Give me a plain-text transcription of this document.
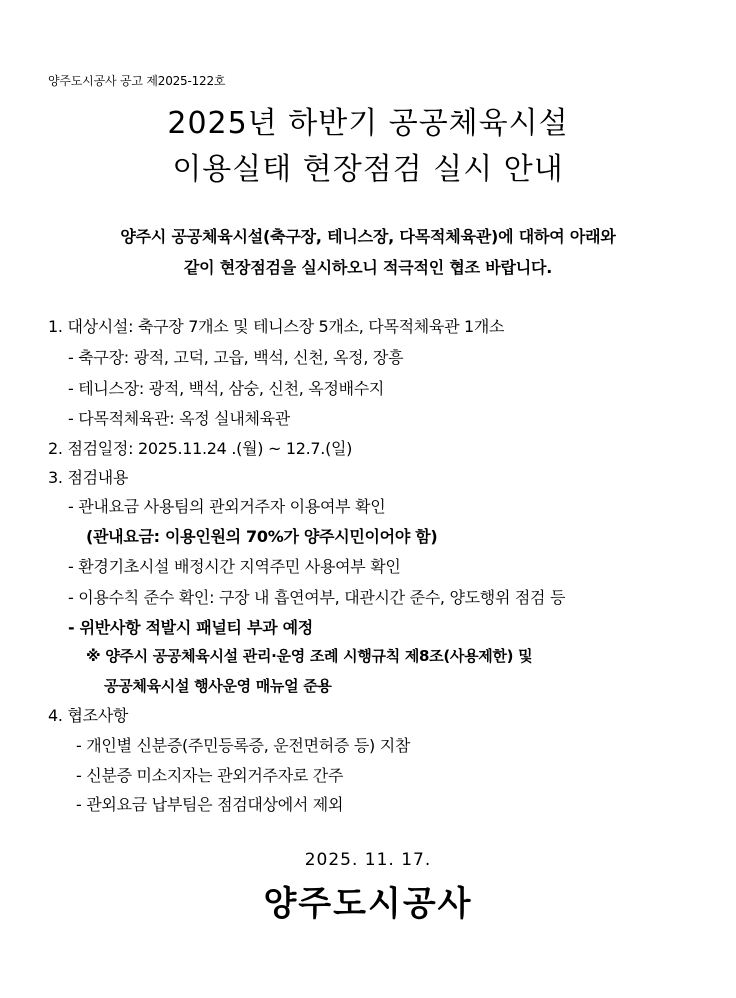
양주도시공사 공고 제2025-122호
2025년 하반기 공공체육시설
이용실태 현장점검 실시 안내
양주시 공공체육시설(축구장, 테니스장, 다목적체육관)에 대하여 아래와
같이 현장점검을 실시하오니 적극적인 협조 바랍니다.
1. 대상시설: 축구장 7개소 및 테니스장 5개소, 다목적체육관 1개소
- 축구장: 광적, 고덕, 고읍, 백석, 신천, 옥정, 장흥
- 테니스장: 광적, 백석, 삼숭, 신천, 옥정배수지
- 다목적체육관: 옥정 실내체육관
2. 점검일정: 2025.11.24 .(월) ~ 12.7.(일)
3. 점검내용
- 관내요금 사용팀의 관외거주자 이용여부 확인
(관내요금: 이용인원의 70%가 양주시민이어야 함)
- 환경기초시설 배정시간 지역주민 사용여부 확인
- 이용수칙 준수 확인: 구장 내 흡연여부, 대관시간 준수, 양도행위 점검 등
- 위반사항 적발시 패널티 부과 예정
※ 양주시 공공체육시설 관리·운영 조례 시행규칙 제8조(사용제한) 및
공공체육시설 행사운영 매뉴얼 준용
4. 협조사항
- 개인별 신분증(주민등록증, 운전면허증 등) 지참
- 신분증 미소지자는 관외거주자로 간주
- 관외요금 납부팀은 점검대상에서 제외
2025. 11. 17.
양주도시공사
